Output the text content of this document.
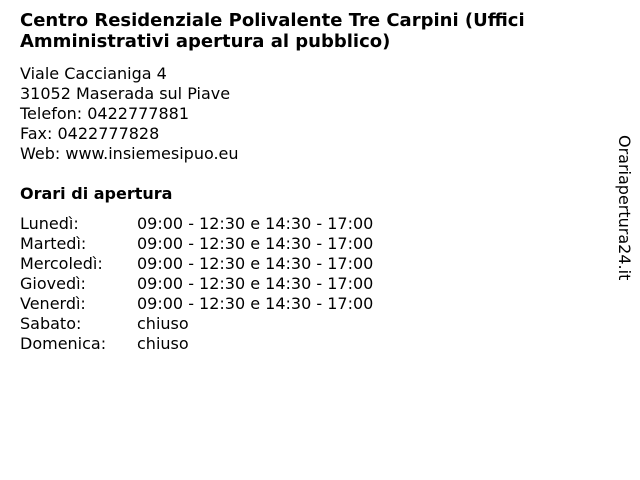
Centro Residenziale Polivalente Tre Carpini (Uffici Amministrativi apertura al pubblico)
Viale Caccianiga 4
31052 Maserada sul Piave
Telefon: 0422777881
Fax: 0422777828
Web: www.insiemesipuo.eu
Orari di apertura
Lunedì:	09:00 - 12:30 e 14:30 - 17:00
Martedì:	09:00 - 12:30 e 14:30 - 17:00
Mercoledì:	09:00 - 12:30 e 14:30 - 17:00
Giovedì:	09:00 - 12:30 e 14:30 - 17:00
Venerdì:	09:00 - 12:30 e 14:30 - 17:00
Sabato:	chiuso
Domenica:	chiuso
Orariapertura24.it
